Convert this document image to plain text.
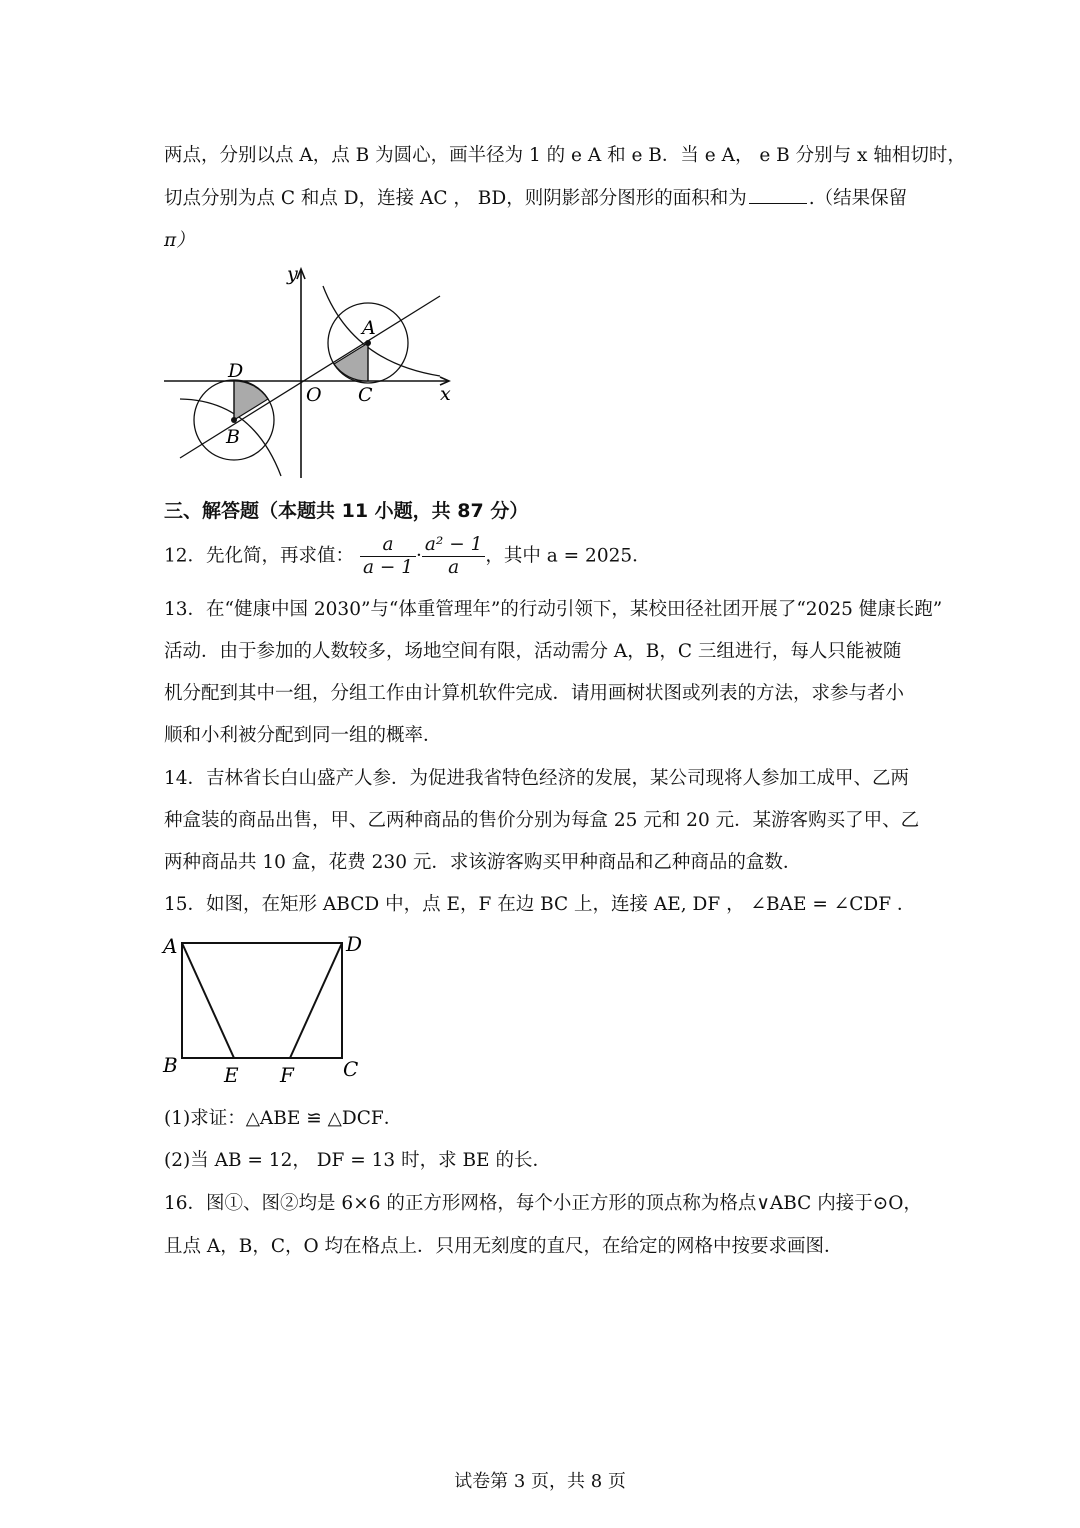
两点，分别以点 A，点 B 为圆心，画半径为 1 的 e A 和 e B．当 e A， e B 分别与 x 轴相切时，
切点分别为点 C 和点 D，连接 AC ， BD，则阴影部分图形的面积和为	.（结果保留
π）
y
x
O
A
C
D
B
三、解答题（本题共 11 小题，共 87 分）
12．先化简，再求值： $\frac{a}{a - 1} \cdot \frac{\text{a² − 1}}{a}$ ，其中 a = 2025．
13．在“健康中国 2030”与“体重管理年”的行动引领下，某校田径社团开展了“2025 健康长跑”
活动．由于参加的人数较多，场地空间有限，活动需分 A，B，C 三组进行，每人只能被随
机分配到其中一组，分组工作由计算机软件完成．请用画树状图或列表的方法，求参与者小
顺和小利被分配到同一组的概率．
14．吉林省长白山盛产人参．为促进我省特色经济的发展，某公司现将人参加工成甲、乙两
种盒装的商品出售，甲、乙两种商品的售价分别为每盒 25 元和 20 元．某游客购买了甲、乙
两种商品共 10 盒，花费 230 元．求该游客购买甲种商品和乙种商品的盒数．
15．如图，在矩形 ABCD 中，点 E，F 在边 BC 上，连接 AE, DF ， ∠BAE = ∠CDF ．
A	D
B	C
E F
(1)求证：△ABE ≌ △DCF．
(2)当 AB = 12， DF = 13 时，求 BE 的长．
16．图①、图②均是 6×6 的正方形网格，每个小正方形的顶点称为格点∨ABC 内接于⊙O，
且点 A，B，C，O 均在格点上．只用无刻度的直尺，在给定的网格中按要求画图．
试卷第 3 页，共 8 页
